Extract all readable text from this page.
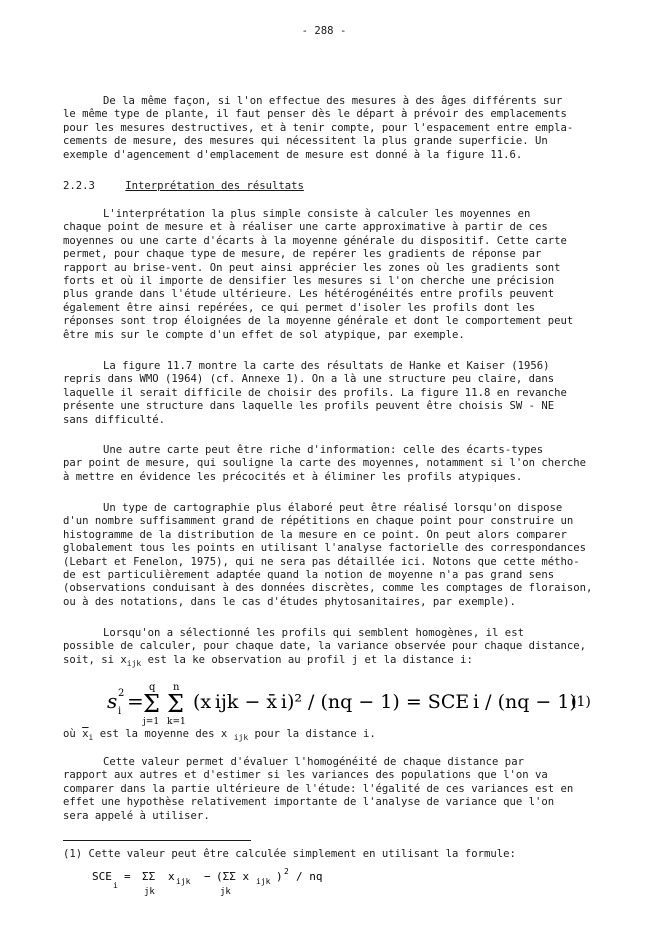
- 288 -
De la même façon, si l'on effectue des mesures à des âges différents sur
le même type de plante, il faut penser dès le départ à prévoir des emplacements
pour les mesures destructives, et à tenir compte, pour l'espacement entre empla-
cements de mesure, des mesures qui nécessitent la plus grande superficie. Un
exemple d'agencement d'emplacement de mesure est donné à la figure 11.6.
2.2.3	Interprétation des résultats
L'interprétation la plus simple consiste à calculer les moyennes en
chaque point de mesure et à réaliser une carte approximative à partir de ces
moyennes ou une carte d'écarts à la moyenne générale du dispositif. Cette carte
permet, pour chaque type de mesure, de repérer les gradients de réponse par
rapport au brise-vent. On peut ainsi apprécier les zones où les gradients sont
forts et où il importe de densifier les mesures si l'on cherche une précision
plus grande dans l'étude ultérieure. Les hétérogénéités entre profils peuvent
également être ainsi repérées, ce qui permet d'isoler les profils dont les
réponses sont trop éloignées de la moyenne générale et dont le comportement peut
être mis sur le compte d'un effet de sol atypique, par exemple.
La figure 11.7 montre la carte des résultats de Hanke et Kaiser (1956)
repris dans WMO (1964) (cf. Annexe 1). On a là une structure peu claire, dans
laquelle il serait difficile de choisir des profils. La figure 11.8 en revanche
présente une structure dans laquelle les profils peuvent être choisis SW - NE
sans difficulté.
Une autre carte peut être riche d'information: celle des écarts-types
par point de mesure, qui souligne la carte des moyennes, notamment si l'on cherche
à mettre en évidence les précocités et à éliminer les profils atypiques.
Un type de cartographie plus élaboré peut être réalisé lorsqu'on dispose
d'un nombre suffisamment grand de répétitions en chaque point pour construire un
histogramme de la distribution de la mesure en ce point. On peut alors comparer
globalement tous les points en utilisant l'analyse factorielle des correspondances
(Lebart et Fenelon, 1975), qui ne sera pas détaillée ici. Notons que cette métho-
de est particulièrement adaptée quand la notion de moyenne n'a pas grand sens
(observations conduisant à des données discrètes, comme les comptages de floraison,
ou à des notations, dans le cas d'études phytosanitaires, par exemple).
Lorsqu'on a sélectionné les profils qui semblent homogènes, il est
possible de calculer, pour chaque date, la variance observée pour chaque distance,
soit, si $x_{ijk}$ est la ke observation au profil j et la distance i:
s 2
i =
q
Σ
j=1
n
Σ
k=1
(x ijk − x̄ i)² / (nq − 1) = SCE i / (nq − 1)
(1)
où $\overline{x}_i$ est la moyenne des x $_{ijk}$ pour la distance i.
Cette valeur permet d'évaluer l'homogénéité de chaque distance par
rapport aux autres et d'estimer si les variances des populations que l'on va
comparer dans la partie ultérieure de l'étude: l'égalité de ces variances est en
effet une hypothèse relativement importante de l'analyse de variance que l'on
sera appelé à utiliser.
(1) Cette valeur peut être calculée simplement en utilisant la formule:
SCE
i
= ΣΣ
jk
x ijk − (ΣΣ x
jk
ijk ) 2 / nq
